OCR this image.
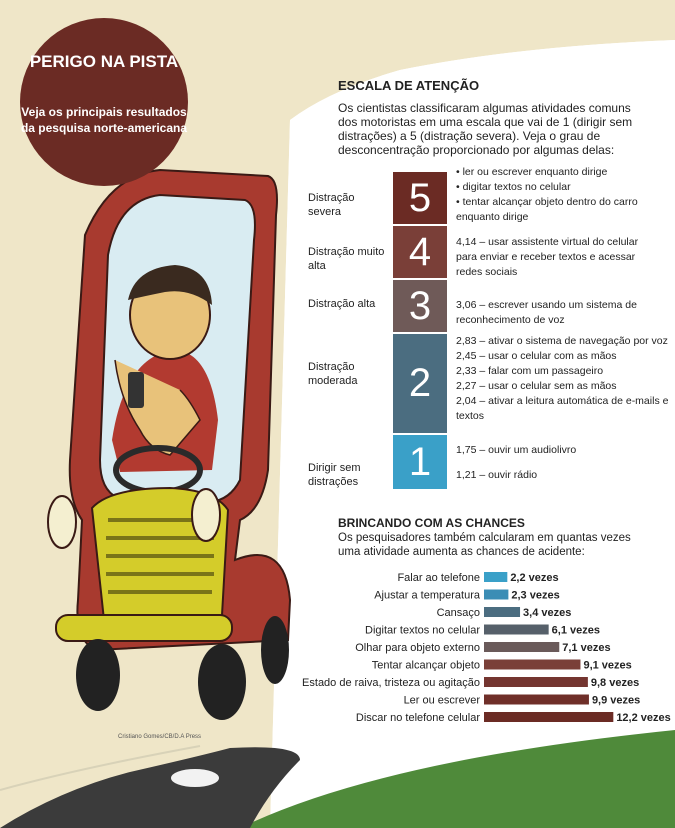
Falar ao telefone	2,2 vezes
Ajustar a temperatura	2,3 vezes
Cansaço	3,4 vezes
Digitar textos no celular	6,1 vezes
Olhar para objeto externo	7,1 vezes
Tentar alcançar objeto	9,1 vezes
Estado de raiva, tristeza ou agitação	9,8 vezes
Ler ou escrever	9,9 vezes
Discar no telefone celular	12,2 vezes
PERIGO NA PISTA
Veja os principais resultados da pesquisa norte-americana
ESCALA DE ATENÇÃO
Os cientistas classificaram algumas atividades comuns dos motoristas em uma escala que vai de 1 (dirigir sem distrações) a 5 (distração severa). Veja o grau de desconcentração proporcionado por algumas delas:
Distração severa	5
• ler ou escrever enquanto dirige
• digitar textos no celular
• tentar alcançar objeto dentro do carro enquanto dirige
Distração muito alta	4	4,14 – usar assistente virtual do celular para enviar e receber textos e acessar redes sociais
Distração alta 3	3,06 – escrever usando um sistema de reconhecimento de voz
Distração moderada	2
2,83 – ativar o sistema de navegação por voz
2,45 – usar o celular com as mãos
2,33 – falar com um passageiro
2,27 – usar o celular sem as mãos
2,04 – ativar a leitura automática de e-mails e textos
Dirigir sem distrações	1	1,75 – ouvir um audiolivro
1,21 – ouvir rádio
BRINCANDO COM AS CHANCES
Os pesquisadores também calcularam em quantas vezes uma atividade aumenta as chances de acidente:
Cristiano Gomes/CB/D.A Press
